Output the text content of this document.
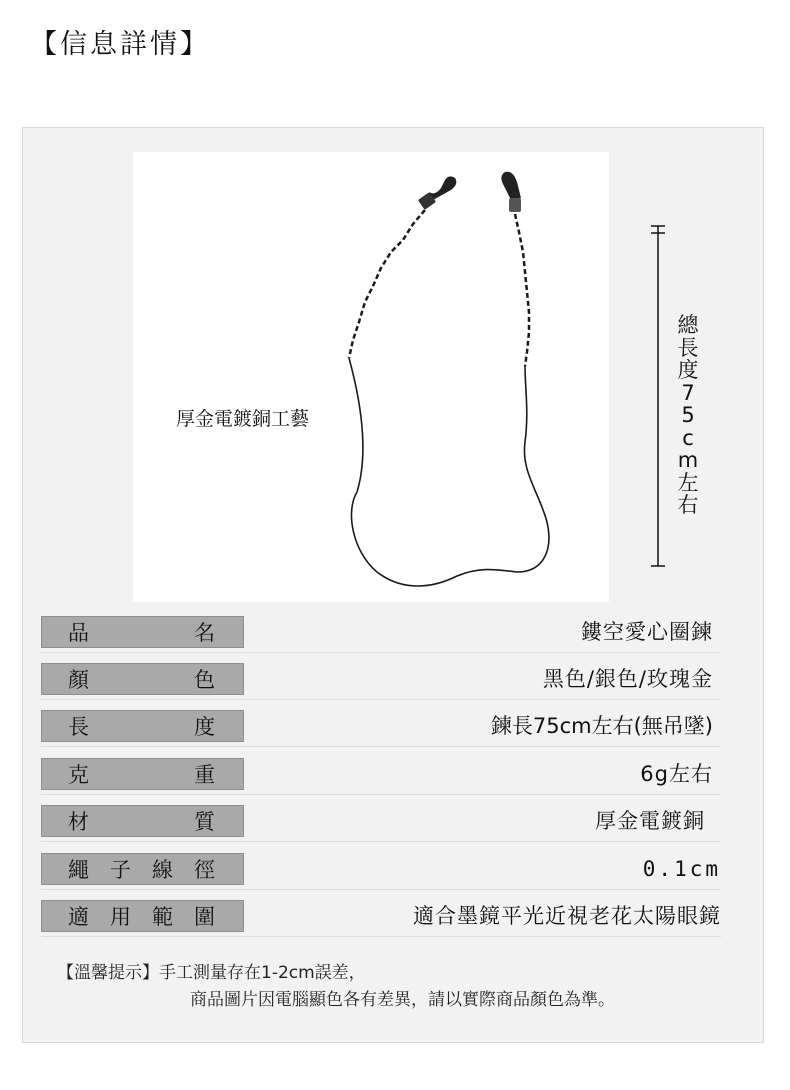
【信息詳情】
厚金電鍍銅工藝
總
長
度
7
5
c
m
左
右
品	名	鏤空愛心圈鍊
顏	色	黑色/銀色/玫瑰金
長	度	鍊長75cm左右(無吊墜)
克	重	6g左右
材	質	厚金電鍍銅
繩 子 線 徑	0.1cm
適 用 範 圍	適合墨鏡平光近視老花太陽眼鏡
【溫馨提示】手工測量存在1-2cm誤差，
商品圖片因電腦顯色各有差異，請以實際商品顏色為準。
